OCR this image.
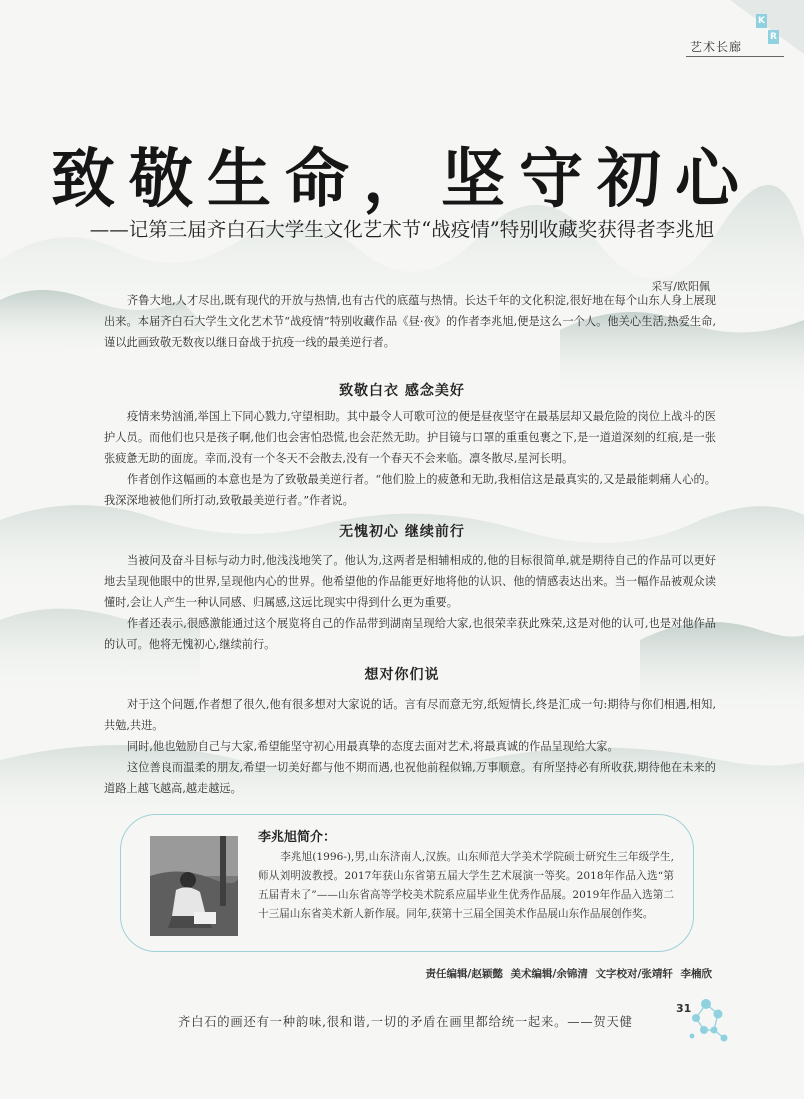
K
R
艺术长廊
致敬生命，坚守初心
——记第三届齐白石大学生文化艺术节“战疫情”特别收藏奖获得者李兆旭
采写/欧阳佩

齐鲁大地,人才尽出,既有现代的开放与热情,也有古代的底蕴与热情。长达千年的文化积淀,很好地在每个山东人身上展现出来。本届齐白石大学生文化艺术节“战疫情”特别收藏作品《昼·夜》的作者李兆旭,便是这么一个人。他关心生活,热爱生命,谨以此画致敬无数夜以继日奋战于抗疫一线的最美逆行者。

致敬白衣 感念美好

疫情来势汹涌,举国上下同心戮力,守望相助。其中最令人可歌可泣的便是昼夜坚守在最基层却又最危险的岗位上战斗的医护人员。而他们也只是孩子啊,他们也会害怕恐慌,也会茫然无助。护目镜与口罩的重重包裹之下,是一道道深刻的红痕,是一张张疲惫无助的面庞。幸而,没有一个冬天不会散去,没有一个春天不会来临。凛冬散尽,星河长明。

作者创作这幅画的本意也是为了致敬最美逆行者。“他们脸上的疲惫和无助,我相信这是最真实的,又是最能刺痛人心的。我深深地被他们所打动,致敬最美逆行者。”作者说。

无愧初心 继续前行

当被问及奋斗目标与动力时,他浅浅地笑了。他认为,这两者是相辅相成的,他的目标很简单,就是期待自己的作品可以更好地去呈现他眼中的世界,呈现他内心的世界。他希望他的作品能更好地将他的认识、他的情感表达出来。当一幅作品被观众读懂时,会让人产生一种认同感、归属感,这远比现实中得到什么更为重要。

作者还表示,很感激能通过这个展览将自己的作品带到湖南呈现给大家,也很荣幸获此殊荣,这是对他的认可,也是对他作品的认可。他将无愧初心,继续前行。

想对你们说

对于这个问题,作者想了很久,他有很多想对大家说的话。言有尽而意无穷,纸短情长,终是汇成一句:期待与你们相遇,相知,共勉,共进。

同时,他也勉励自己与大家,希望能坚守初心用最真挚的态度去面对艺术,将最真诚的作品呈现给大家。

这位善良而温柔的朋友,希望一切美好都与他不期而遇,也祝他前程似锦,万事顺意。有所坚持必有所收获,期待他在未来的道路上越飞越高,越走越远。

李兆旭简介：

李兆旭(1996-),男,山东济南人,汉族。山东师范大学美术学院硕士研究生三年级学生,师从刘明波教授。2017年获山东省第五届大学生艺术展演一等奖。2018年作品入选“第五届青未了”——山东省高等学校美术院系应届毕业生优秀作品展。2019年作品入选第二十三届山东省美术新人新作展。同年,获第十三届全国美术作品展山东作品展创作奖。

责任编辑/赵颖懿 美术编辑/余锦清 文字校对/张靖轩 李楠欣
齐白石的画还有一种韵味,很和谐,一切的矛盾在画里都给统一起来。——贺天健
31
